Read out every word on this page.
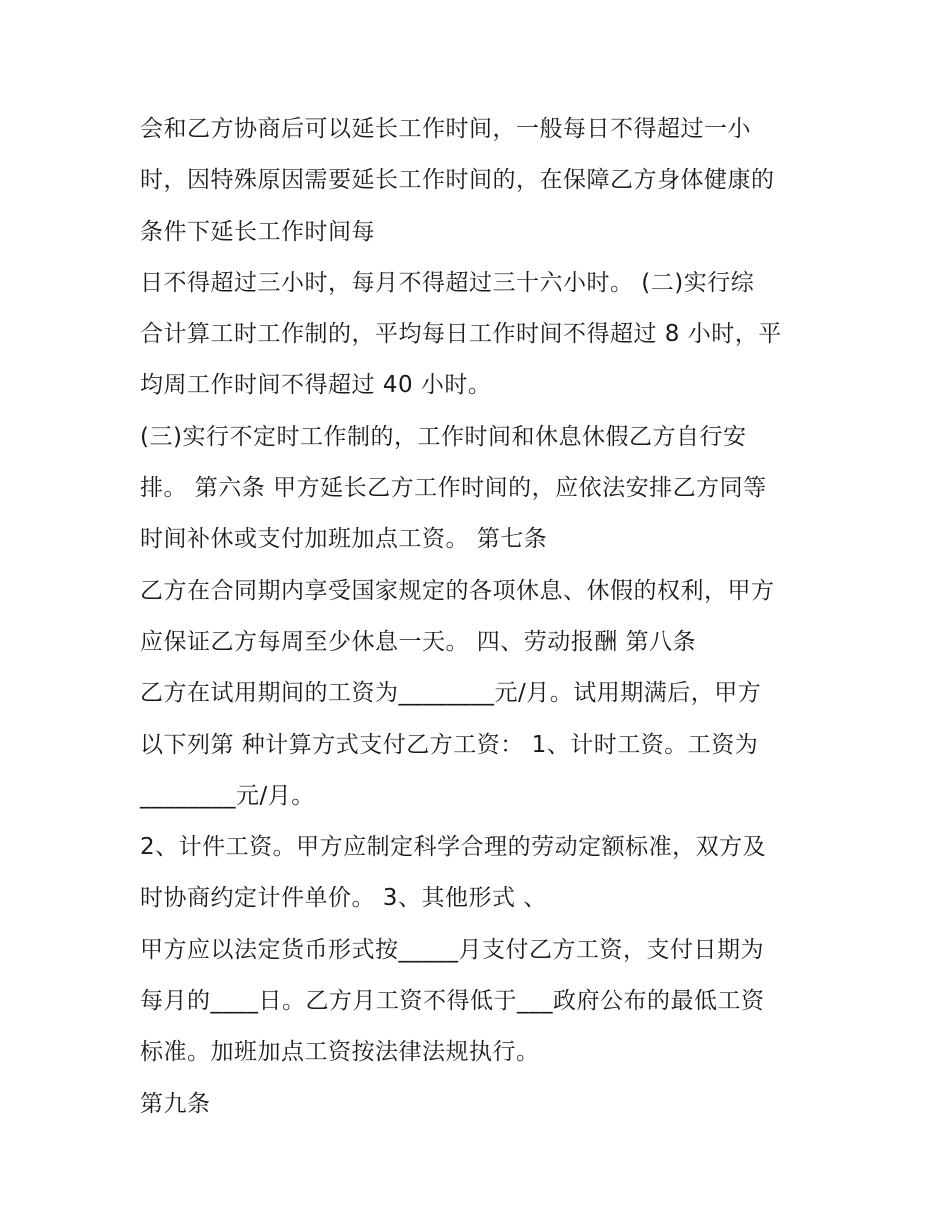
会和乙方协商后可以延长工作时间，一般每日不得超过一小
时，因特殊原因需要延长工作时间的，在保障乙方身体健康的
条件下延长工作时间每
日不得超过三小时，每月不得超过三十六小时。 (二)实行综
合计算工时工作制的，平均每日工作时间不得超过 8 小时，平
均周工作时间不得超过 40 小时。
(三)实行不定时工作制的，工作时间和休息休假乙方自行安
排。 第六条 甲方延长乙方工作时间的，应依法安排乙方同等
时间补休或支付加班加点工资。 第七条
乙方在合同期内享受国家规定的各项休息、休假的权利，甲方
应保证乙方每周至少休息一天。 四、劳动报酬 第八条
乙方在试用期间的工资为________元/月。试用期满后，甲方
以下列第 种计算方式支付乙方工资： 1、计时工资。工资为
________元/月。
2、计件工资。甲方应制定科学合理的劳动定额标准，双方及
时协商约定计件单价。 3、其他形式 、
甲方应以法定货币形式按_____月支付乙方工资，支付日期为
每月的____日。乙方月工资不得低于___政府公布的最低工资
标准。加班加点工资按法律法规执行。
第九条
